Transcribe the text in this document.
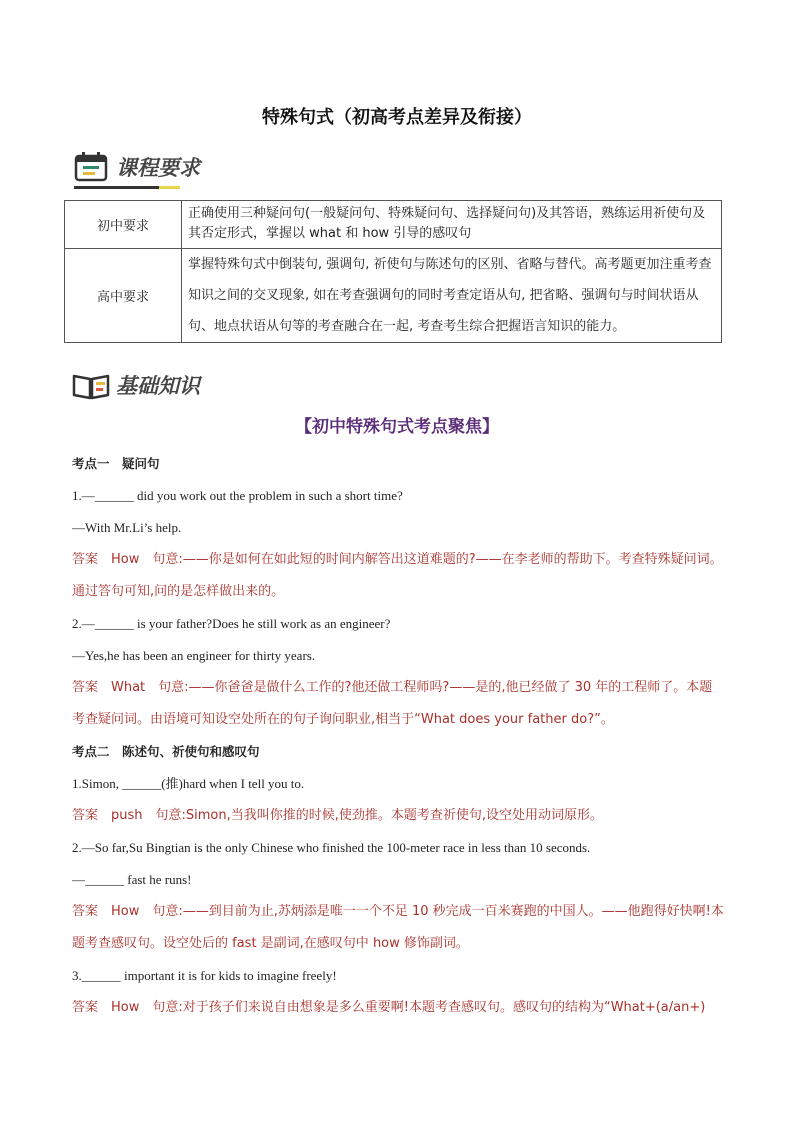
特殊句式（初高考点差异及衔接）
课程要求
初中要求	正确使用三种疑问句(一般疑问句、特殊疑问句、选择疑问句)及其答语，熟练运用祈使句及其否定形式，掌握以 what 和 how 引导的感叹句
高中要求	掌握特殊句式中倒装句, 强调句, 祈使句与陈述句的区别、省略与替代。高考题更加注重考查知识之间的交叉现象, 如在考查强调句的同时考查定语从句, 把省略、强调句与时间状语从句、地点状语从句等的考查融合在一起, 考查考生综合把握语言知识的能力。
基础知识
【初中特殊句式考点聚焦】
考点一　疑问句
1.—______ did you work out the problem in such a short time?
—With Mr.Li’s help.
答案　How　句意:——你是如何在如此短的时间内解答出这道难题的?——在李老师的帮助下。考查特殊疑问词。通过答句可知,问的是怎样做出来的。
2.—______ is your father?Does he still work as an engineer?
—Yes,he has been an engineer for thirty years.
答案　What　句意:——你爸爸是做什么工作的?他还做工程师吗?——是的,他已经做了 30 年的工程师了。本题考查疑问词。由语境可知设空处所在的句子询问职业,相当于“What does your father do?”。
考点二　陈述句、祈使句和感叹句
1.Simon, ______(推)hard when I tell you to.
答案　push　句意:Simon,当我叫你推的时候,使劲推。本题考查祈使句,设空处用动词原形。
2.—So far,Su Bingtian is the only Chinese who finished the 100-meter race in less than 10 seconds.
—______ fast he runs!
答案　How　句意:——到目前为止,苏炳添是唯一一个不足 10 秒完成一百米赛跑的中国人。——他跑得好快啊!本题考查感叹句。设空处后的 fast 是副词,在感叹句中 how 修饰副词。
3.______ important it is for kids to imagine freely!
答案　How　句意:对于孩子们来说自由想象是多么重要啊!本题考查感叹句。感叹句的结构为“What+(a/an+)
